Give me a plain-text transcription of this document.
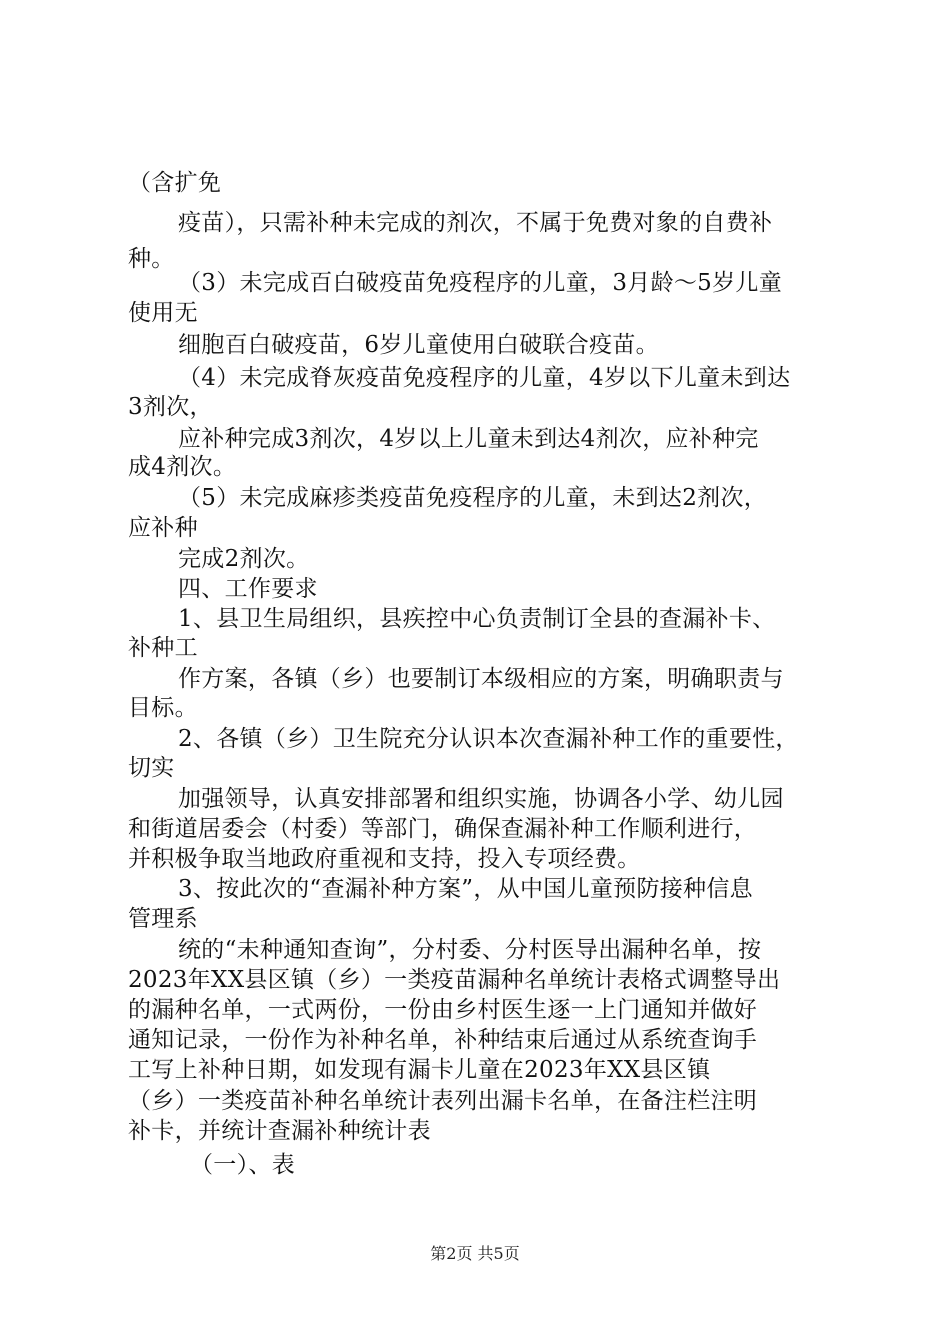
（含扩免
疫苗），只需补种未完成的剂次，不属于免费对象的自费补
种。
（3）未完成百白破疫苗免疫程序的儿童，3月龄～5岁儿童
使用无
细胞百白破疫苗，6岁儿童使用白破联合疫苗。
（4）未完成脊灰疫苗免疫程序的儿童，4岁以下儿童未到达
3剂次，
应补种完成3剂次，4岁以上儿童未到达4剂次，应补种完
成4剂次。
（5）未完成麻疹类疫苗免疫程序的儿童，未到达2剂次，
应补种
完成2剂次。
四、工作要求
1、县卫生局组织，县疾控中心负责制订全县的查漏补卡、
补种工
作方案，各镇（乡）也要制订本级相应的方案，明确职责与
目标。
2、各镇（乡）卫生院充分认识本次查漏补种工作的重要性，
切实
加强领导，认真安排部署和组织实施，协调各小学、幼儿园
和街道居委会（村委）等部门，确保查漏补种工作顺利进行，
并积极争取当地政府重视和支持，投入专项经费。
3、按此次的“查漏补种方案”，从中国儿童预防接种信息
管理系
统的“未种通知查询”，分村委、分村医导出漏种名单，按
2023年XX县区镇（乡）一类疫苗漏种名单统计表格式调整导出
的漏种名单，一式两份，一份由乡村医生逐一上门通知并做好
通知记录，一份作为补种名单，补种结束后通过从系统查询手
工写上补种日期，如发现有漏卡儿童在2023年XX县区镇
（乡）一类疫苗补种名单统计表列出漏卡名单，在备注栏注明
补卡，并统计查漏补种统计表
（一）、表
第2页 共5页
